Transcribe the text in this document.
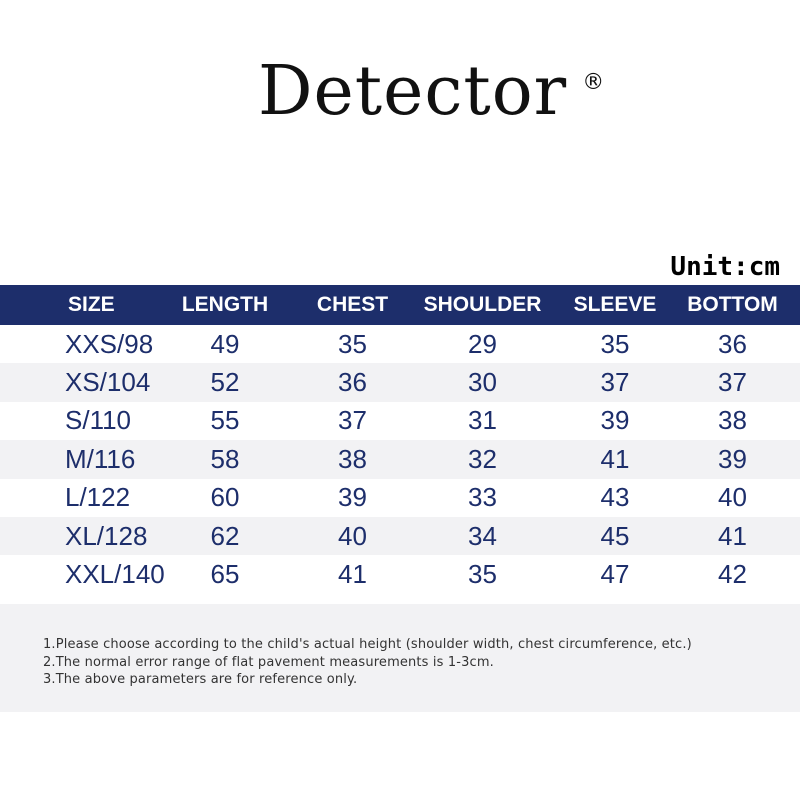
Detector ®
Unit:cm
SIZE	LENGTH	CHEST	SHOULDER	SLEEVE	BOTTOM
XXS/98	49	35	29	35	36
XS/104	52	36	30	37	37
S/110	55	37	31	39	38
M/116	58	38	32	41	39
L/122	60	39	33	43	40
XL/128	62	40	34	45	41
XXL/140	65	41	35	47	42
1.Please choose according to the child's actual height (shoulder width, chest circumference, etc.)
2.The normal error range of flat pavement measurements is 1-3cm.
3.The above parameters are for reference only.
